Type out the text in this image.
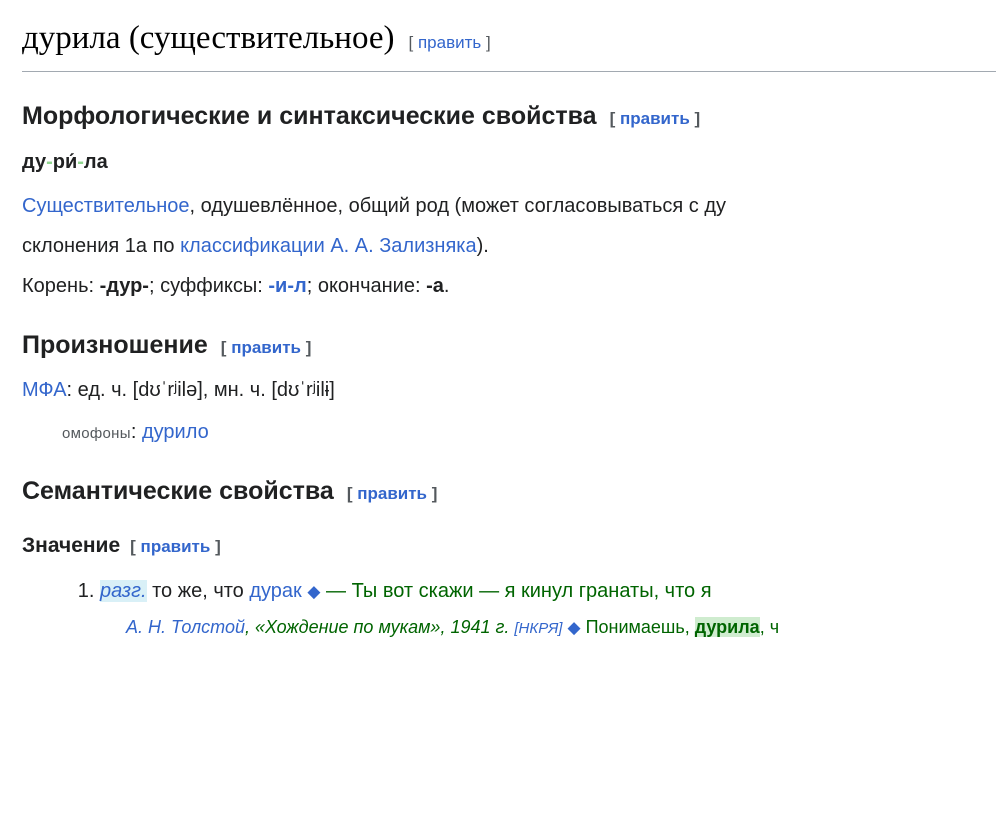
дурила (существительное) [ править ]
Морфологические и синтаксические свойства [ править ]
ду-ри́-ла

Существительное, одушевлённое, общий род (может согласовываться с ду

склонения 1а по классификации А. А. Зализняка).

Корень: -дур-; суффиксы: -и-л; окончание: -а.

Произношение [ править ]

МФА: ед. ч. [dʊˈrʲilə], мн. ч. [dʊˈrʲilɨ]

омофоны: дурило
Семантические свойства [ править ]
Значение [ править ]
1. разг. то же, что дурак ◆ — Ты вот скажи — я кинул гранаты, что я
А. Н. Толстой, «Хождение по мукам», 1941 г. [НКРЯ] ◆ Понимаешь, дурила, ч
